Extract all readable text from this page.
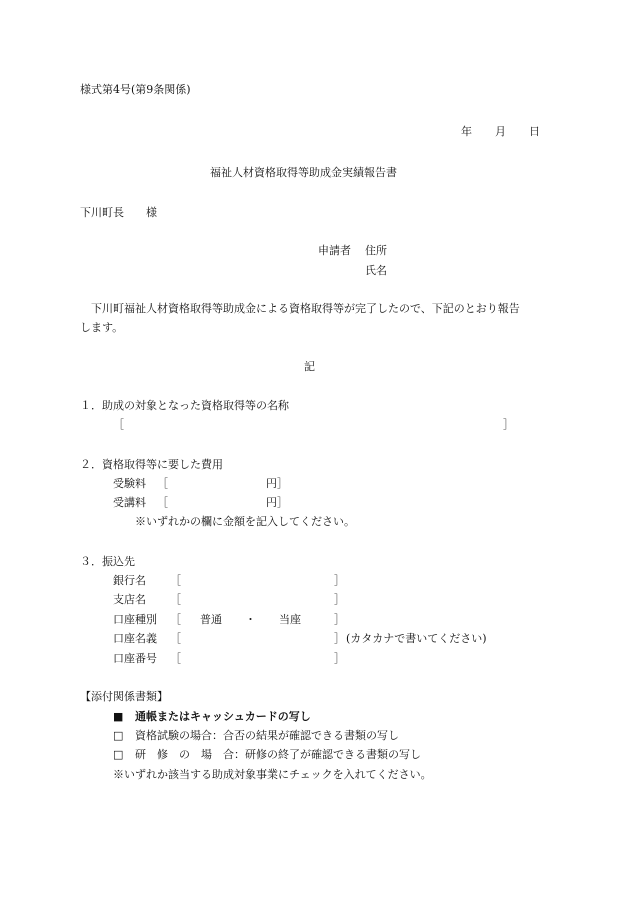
様式第4号(第9条関係)
年 月 日
福祉人材資格取得等助成金実績報告書
下川町長　　様
申請者 住所
氏名
下川町福祉人材資格取得等助成金による資格取得等が完了したので、下記のとおり報告
します。
記
１．助成の対象となった資格取得等の名称
［	］
２．資格取得等に要した費用
受験料 ［	円］
受講料 ［	円］
※いずれかの欄に金額を記入してください。
３．振込先
銀行名 ［	］
支店名 ［	］
口座種別 ［ 普通 ・ 当座	］
口座名義 ［	］ (カタカナで書いてください)
口座番号 ［	］
【添付関係書類】
■ 通帳またはキャッシュカードの写し
□ 資格試験の場合：合否の結果が確認できる書類の写し
□ 研　修　の　場　合：研修の終了が確認できる書類の写し
※いずれか該当する助成対象事業にチェックを入れてください。
